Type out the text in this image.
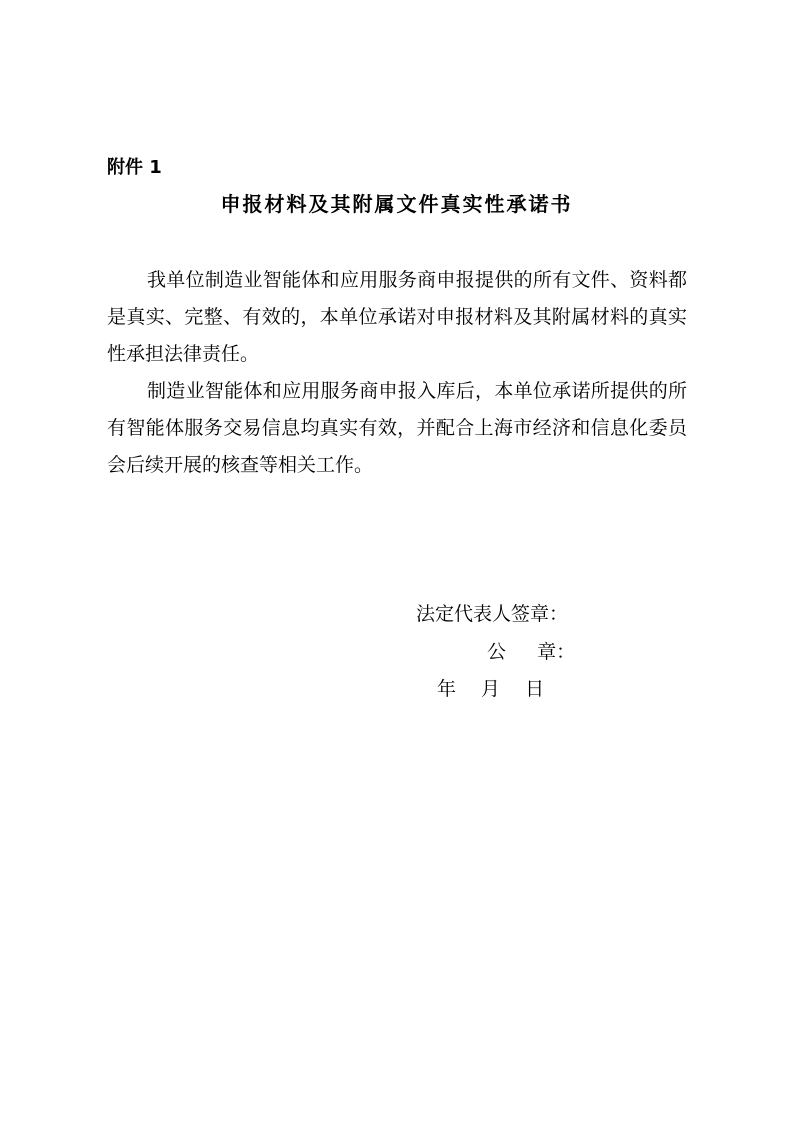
附件 1
申报材料及其附属文件真实性承诺书

我单位制造业智能体和应用服务商申报提供的所有文件、资料都是真实、完整、有效的，本单位承诺对申报材料及其附属材料的真实性承担法律责任。

制造业智能体和应用服务商申报入库后，本单位承诺所提供的所有智能体服务交易信息均真实有效，并配合上海市经济和信息化委员会后续开展的核查等相关工作。

法定代表人签章：
公　  章：
年　 月　 日
